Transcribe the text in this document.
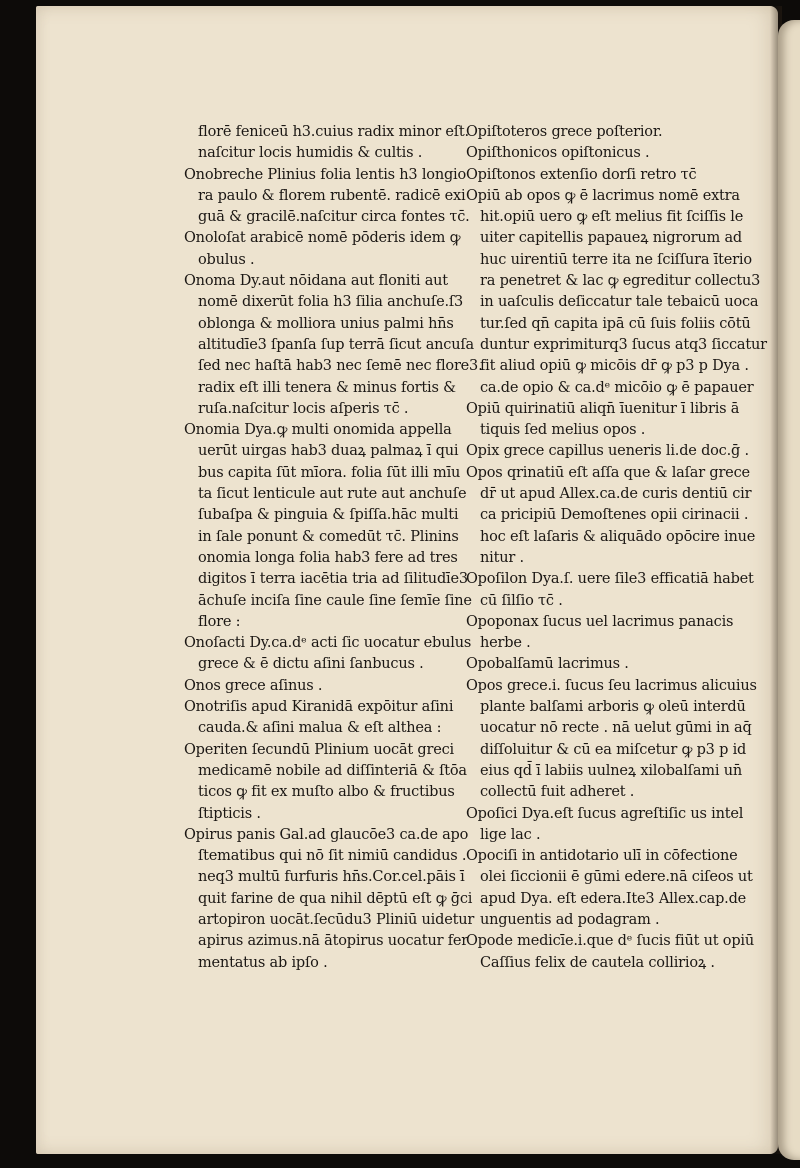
florē feniceū h3.cuius radix minor eſt.
naſcitur locis humidis & cultis .
Onobreche Plinius folia lentis h3 longio
ra paulo & florem rubentē. radicē exi
guā & gracilē.naſcitur circa fontes τc̄.
Onoloſat arabicē nomē pōderis idem ꝙ
obulus .
Onoma Dy.aut nōidana aut floniti aut
nomē dixerūt folia h3 ſilia anchuſe.ſ3
oblonga & molliora unius palmi hn̄s
altitudīe3 ſpanſa ſup terrā ſicut ancuſa
ſed nec haſtā hab3 nec ſemē nec flore3.
radix eſt illi tenera & minus fortis &
ruſa.naſcitur locis aſperis τc̄ .
Onomia Dya.ꝙ multi onomida appella
uerūt uirgas hab3 duaꝝ palmaꝝ ī qui
bus capita ſūt mīora. folia ſūt illi mīu
ta ſicut lenticule aut rute aut anchuſe
ſubaſpa & pinguia & ſpiſſa.hāc multi
in ſale ponunt & comedūt τc̄. Plinins
onomia longa folia hab3 fere ad tres
digitos ī terra iacētia tria ad ſilitudīe3
āchuſe inciſa ſine caule ſine ſemīe ſine
flore :
Onoſacti Dy.ca.dᵉ acti ſic uocatur ebulus
grece & ē dictu aſini ſanbucus .
Onos grece aſinus .
Onotriſis apud Kiranidā expōitur aſini
cauda.& aſini malua & eſt althea :
Operiten ſecundū Plinium uocāt greci
medicamē nobile ad diſſinteriā & ſtōa
ticos ꝙ fit ex muſto albo & fructibus
ſtipticis .
Opirus panis Gal.ad glaucōe3 ca.de apo
ſtematibus qui nō ſit nimiū candidus .
neq3 multū furfuris hn̄s.Cor.cel.pāis ī
quit farine de qua nihil dēptū eſt ꝙ ḡci
artopiron uocāt.ſecūdu3 Pliniū uidetur
apirus azimus.nā ātopirus uocatur fer
mentatus ab ipſo .
Opiſtoteros grece poſterior.
Opiſthonicos opiſtonicus .
Opiſtonos extenſio dorſi retro τc̄
Opiū ab opos ꝙ ē lacrimus nomē extra
hit.opiū uero ꝙ eſt melius fit ſciſſis le
uiter capitellis papaueꝝ nigrorum ad
huc uirentiū terre ita ne ſciſſura īterio
ra penetret & lac ꝙ egreditur collectu3
in uaſculis deſiccatur tale tebaicū uoca
tur.ſed qn̄ capita ipā cū ſuis foliis cōtū
duntur exprimiturq3 ſucus atq3 ſiccatur
fit aliud opiū ꝙ micōis dr̄ ꝙ p3 p Dya .
ca.de opio & ca.dᵉ micōio ꝙ ē papauer
Opiū quirinatiū aliqn̄ īuenitur ī libris ā
tiquis ſed melius opos .
Opix grece capillus ueneris li.de doc.ḡ .
Opos qrinatiū eſt aſſa que & laſar grece
dr̄ ut apud Allex.ca.de curis dentiū cir
ca pricipiū Demoſtenes opii cirinacii .
hoc eſt laſaris & aliquādo opōcire inue
nitur .
Opoſilon Dya.ſ. uere ſile3 efficatiā habet
cū ſilſio τc̄ .
Opoponax ſucus uel lacrimus panacis
herbe .
Opobalſamū lacrimus .
Opos grece.i. ſucus ſeu lacrimus alicuius
plante balſami arboris ꝙ oleū interdū
uocatur nō recte . nā uelut gūmi in aq̄
diſſoluitur & cū ea miſcetur ꝙ p3 p id
eius qd̄ ī labiis uulneꝝ xilobalſami un̄
collectū fuit adheret .
Opoſici Dya.eſt ſucus agreſtiſic us intel
lige lac .
Opociſi in antidotario ulī in cōfectione
olei ſiccionii ē gūmi edere.nā ciſeos ut
apud Dya. eſt edera.Ite3 Allex.cap.de
unguentis ad podagram .
Opode medicīe.i.que dᵉ ſucis fiūt ut opiū
Caſſius felix de cautela colliriοꝝ .
